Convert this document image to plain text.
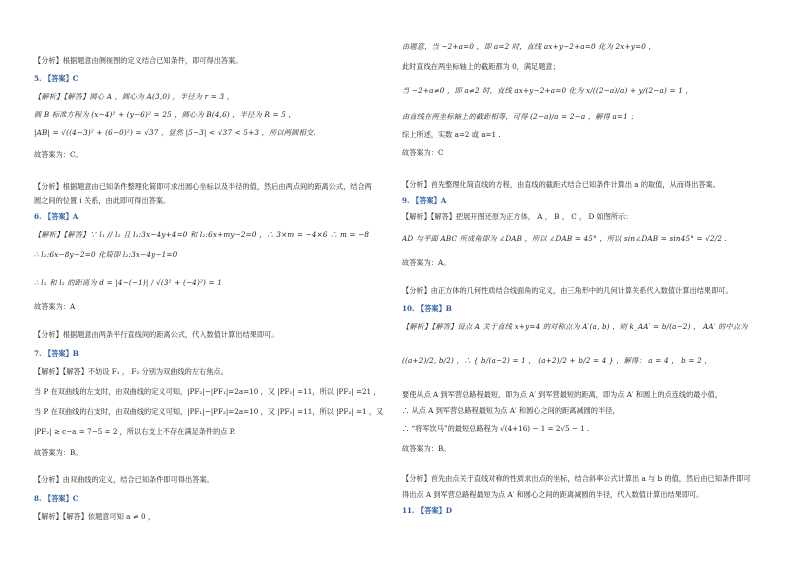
【分析】根据题意由侧视图的定义结合已知条件，即可得出答案。
5. 【答案】C
【解析】【解答】圆心 A ，圆心为 A(3,0) ，半径为 r = 3 ，
圆 B 标准方程为 (x−4)² + (y−6)² = 25 ，圆心为 B(4,6) ，半径为 R = 5 ，
|AB| = √((4−3)² + (6−0)²) = √37 ，显然 |5−3| < √37 < 5+3 ，所以两圆相交.
故答案为：C。
【分析】根据题意由已知条件整理化简即可求出圆心坐标以及半径的值，然后由两点间的距离公式，结合两
圆之间的位置 i 关系，由此即可得出答案。
6. 【答案】A
【解析】【解答】∵ l₁ // l₂ 且 l₁:3x−4y+4=0 和 l₂:6x+my−2=0 ，∴ 3×m = −4×6 ∴ m = −8
∴ l₂:6x−8y−2=0 化简即 l₂:3x−4y−1=0
∴ l₁ 和 l₂ 的距离为 d = |4−(−1)| / √(3² + (−4)²) = 1
故答案为：A
【分析】根据题意由两条平行直线间的距离公式，代入数值计算出结果即可。
7. 【答案】B
【解析】【解答】不妨设 F₁ ， F₂ 分别为双曲线的左右焦点。
当 P 在双曲线的左支时，由双曲线的定义可知，|PF₂|−|PF₁|=2a=10 ，又 |PF₁| =11，所以 |PF₂| =21 ，
当 P 在双曲线的右支时，由双曲线的定义可知，|PF₁|−|PF₂|=2a=10 ，又 |PF₁| =11，所以 |PF₂| =1 ，又
|PF₂| ≥ c−a = 7−5 = 2 ，所以右支上不存在满足条件的点 P.
故答案为：B。
【分析】由双曲线的定义，结合已知条件即可得出答案。
8. 【答案】C
【解析】【解答】依题意可知 a ≠ 0 ，
由题意，当 −2+a=0 ，即 a=2 时，直线 ax+y−2+a=0 化为 2x+y=0 ，
此时直线在两坐标轴上的截距都为 0，满足题意；
当 −2+a≠0 ，即 a≠2 时，直线 ax+y−2+a=0 化为 x/((2−a)/a) + y/(2−a) = 1 ，
由直线在两坐标轴上的截距相等，可得 (2−a)/a = 2−a ，解得 a=1 ；
综上所述，实数 a=2 或 a=1 .
故答案为：C
【分析】首先整理化简直线的方程，由直线的截距式结合已知条件计算出 a 的取值，从而得出答案。
9. 【答案】A
【解析】【解答】把展开图还原为正方体， A ， B ， C ， D 如图所示：
AD 与平面 ABC 所成角即为 ∠DAB ，所以 ∠DAB = 45° ，所以 sin∠DAB = sin45° = √2/2 .
故答案为：A。
【分析】由正方体的几何性质结合线面角的定义，由三角形中的几何计算关系代入数值计算出结果即可。
10. 【答案】B
【解析】【解答】设点 A 关于直线 x+y=4 的对称点为 A′(a, b) ，则 k_AA′ = b/(a−2) ， AA′ 的中点为
((a+2)/2, b/2) ，∴ { b/(a−2) = 1 ， (a+2)/2 + b/2 = 4 } ，解得： a = 4 ， b = 2 ，
要使从点 A 到军营总路程最短，即为点 A′ 到军营最短的距离，即为点 A′ 和圆上的点连线的最小值，
∴ 从点 A 到军营总路程最短为点 A′ 和圆心之间的距离减圆的半径，
∴ “将军饮马”的最短总路程为 √(4+16) − 1 = 2√5 − 1 .
故答案为：B。
【分析】首先由点关于直线对称的性质求出点的坐标，结合斜率公式计算出 a 与 b 的值，然后由已知条件即可
得出点 A 到军营总路程最短为点 A′ 和圆心之间的距离减圆的半径，代入数值计算出结果即可。
11. 【答案】D
